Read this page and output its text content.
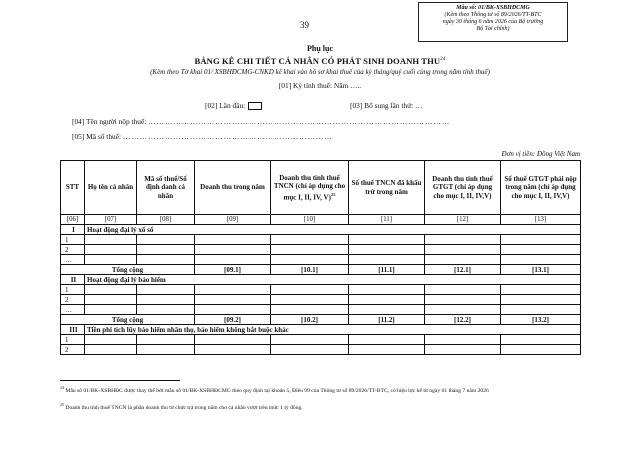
39
Mẫu số: 01/BK-XSBHĐCMG
(Kèm theo Thông tư số 89/2026/TT-BTC
ngày 30 tháng 6 năm 2026 của Bộ trưởng
Bộ Tài chính)
Phụ lục
BẢNG KÊ CHI TIẾT CÁ NHÂN CÓ PHÁT SINH DOANH THU$^{24}$
(Kèm theo Tờ khai 01/ XSBHĐCMG-CNKD kê khai vào hồ sơ khai thuế của kỳ tháng/quý cuối cùng trong năm tính thuế)
[01] Kỳ tính thuế: Năm …..
[02] Lần đầu:	[03] Bổ sung lần thứ: …
[04] Tên người nộp thuế: ………………………………………………………………………………………………
[05] Mã số thuế: …………………………………………………………………
Đơn vị tiền: Đồng Việt Nam
STT	Họ tên cá nhân	Mã số thuế/Số định danh cá nhân	Doanh thu trong năm	Doanh thu tính thuế TNCN (chỉ áp dụng cho mục I, II, IV, V)$^{25}$	Số thuế TNCN đã khấu trừ trong năm	Doanh thu tính thuế GTGT (chỉ áp dụng cho mục I, II, IV,V)	Số thuế GTGT phải nộp trong năm (chỉ áp dụng cho mục I, II, IV,V)
[06]	[07]	[08]	[09]	[10]	[11]	[12]	[13]
I	Hoạt động đại lý xổ số						
1							
2							
…							
Tổng cộng			[09.1]	[10.1]	[11.1]	[12.1]	[13.1]
II	Hoạt động đại lý bảo hiểm						
1							
2							
…							
Tổng cộng			[09.2]	[10.2]	[11.2]	[12.2]	[13.2]
III	Tiền phí tích lũy bảo hiểm nhân thọ, bảo hiểm không bắt buộc khác						
1							
2							
$^{24}$ Mẫu số 01/BK-XSBHĐC được thay thế bởi mẫu số 01/BK-XSBHĐCMG theo quy định tại khoản 5, Điều 99 của Thông tư số 89/2026/TT-BTC, có hiệu lực kể từ ngày 01 tháng 7 năm 2026
$^{25}$ Doanh thu tính thuế TNCN là phần doanh thu từ chức trả trong năm cho cá nhân vượt trên mức 1 tỷ đồng.
